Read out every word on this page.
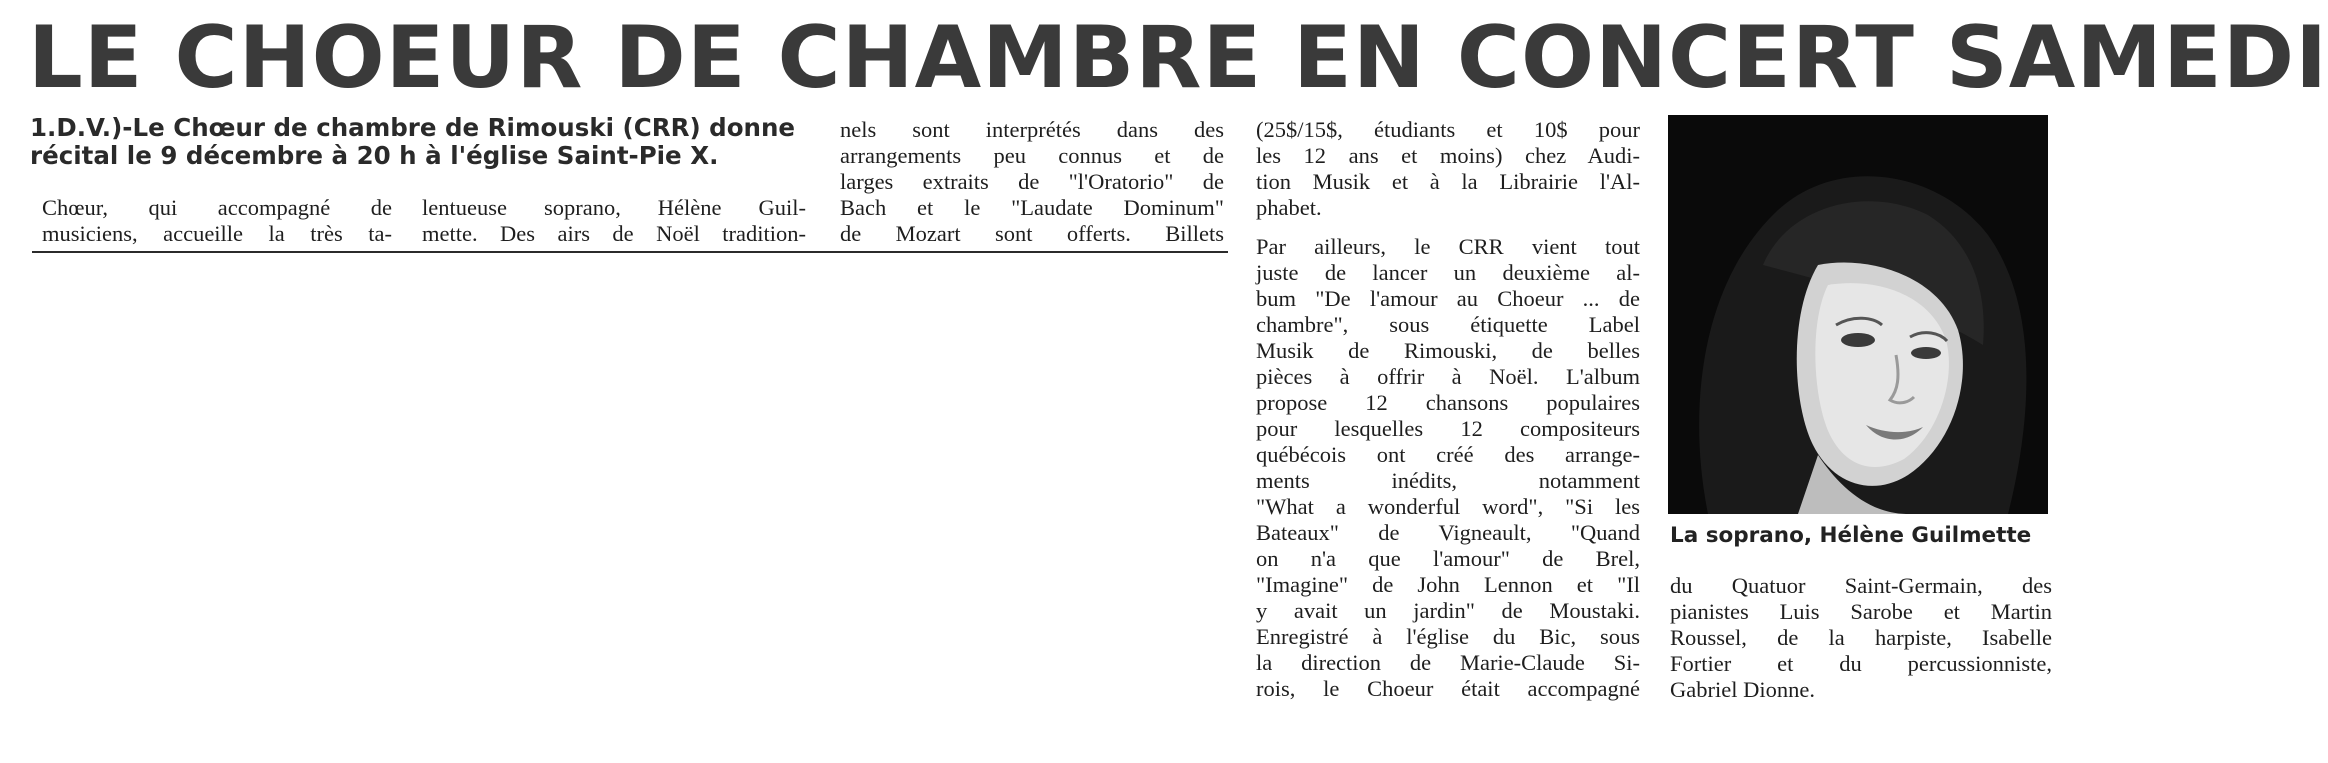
LE CHOEUR DE CHAMBRE EN CONCERT SAMEDI
1.D.V.)-Le Chœur de chambre de Rimouski (CRR) donne
récital le 9 décembre à 20 h à l'église Saint-Pie X.
Chœur, qui accompagné de
musiciens, accueille la très ta-
lentueuse soprano, Hélène Guil-
mette. Des airs de Noël tradition-
nels sont interprétés dans des
arrangements peu connus et de
larges extraits de "l'Oratorio" de
Bach et le "Laudate Dominum"
de Mozart sont offerts. Billets

(25$/15$, étudiants et 10$ pour
les 12 ans et moins) chez Audi-
tion Musik et à la Librairie l'Al-
phabet.

Par ailleurs, le CRR vient tout
juste de lancer un deuxième al-
bum "De l'amour au Choeur ... de
chambre", sous étiquette Label
Musik de Rimouski, de belles
pièces à offrir à Noël. L'album
propose 12 chansons populaires
pour lesquelles 12 compositeurs
québécois ont créé des arrange-
ments inédits, notamment
"What a wonderful word", "Si les
Bateaux" de Vigneault, "Quand
on n'a que l'amour" de Brel,
"Imagine" de John Lennon et "Il
y avait un jardin" de Moustaki.
Enregistré à l'église du Bic, sous
la direction de Marie-Claude Si-
rois, le Choeur était accompagné

La soprano, Hélène Guilmette
du Quatuor Saint-Germain, des
pianistes Luis Sarobe et Martin
Roussel, de la harpiste, Isabelle
Fortier et du percussionniste,
Gabriel Dionne.
